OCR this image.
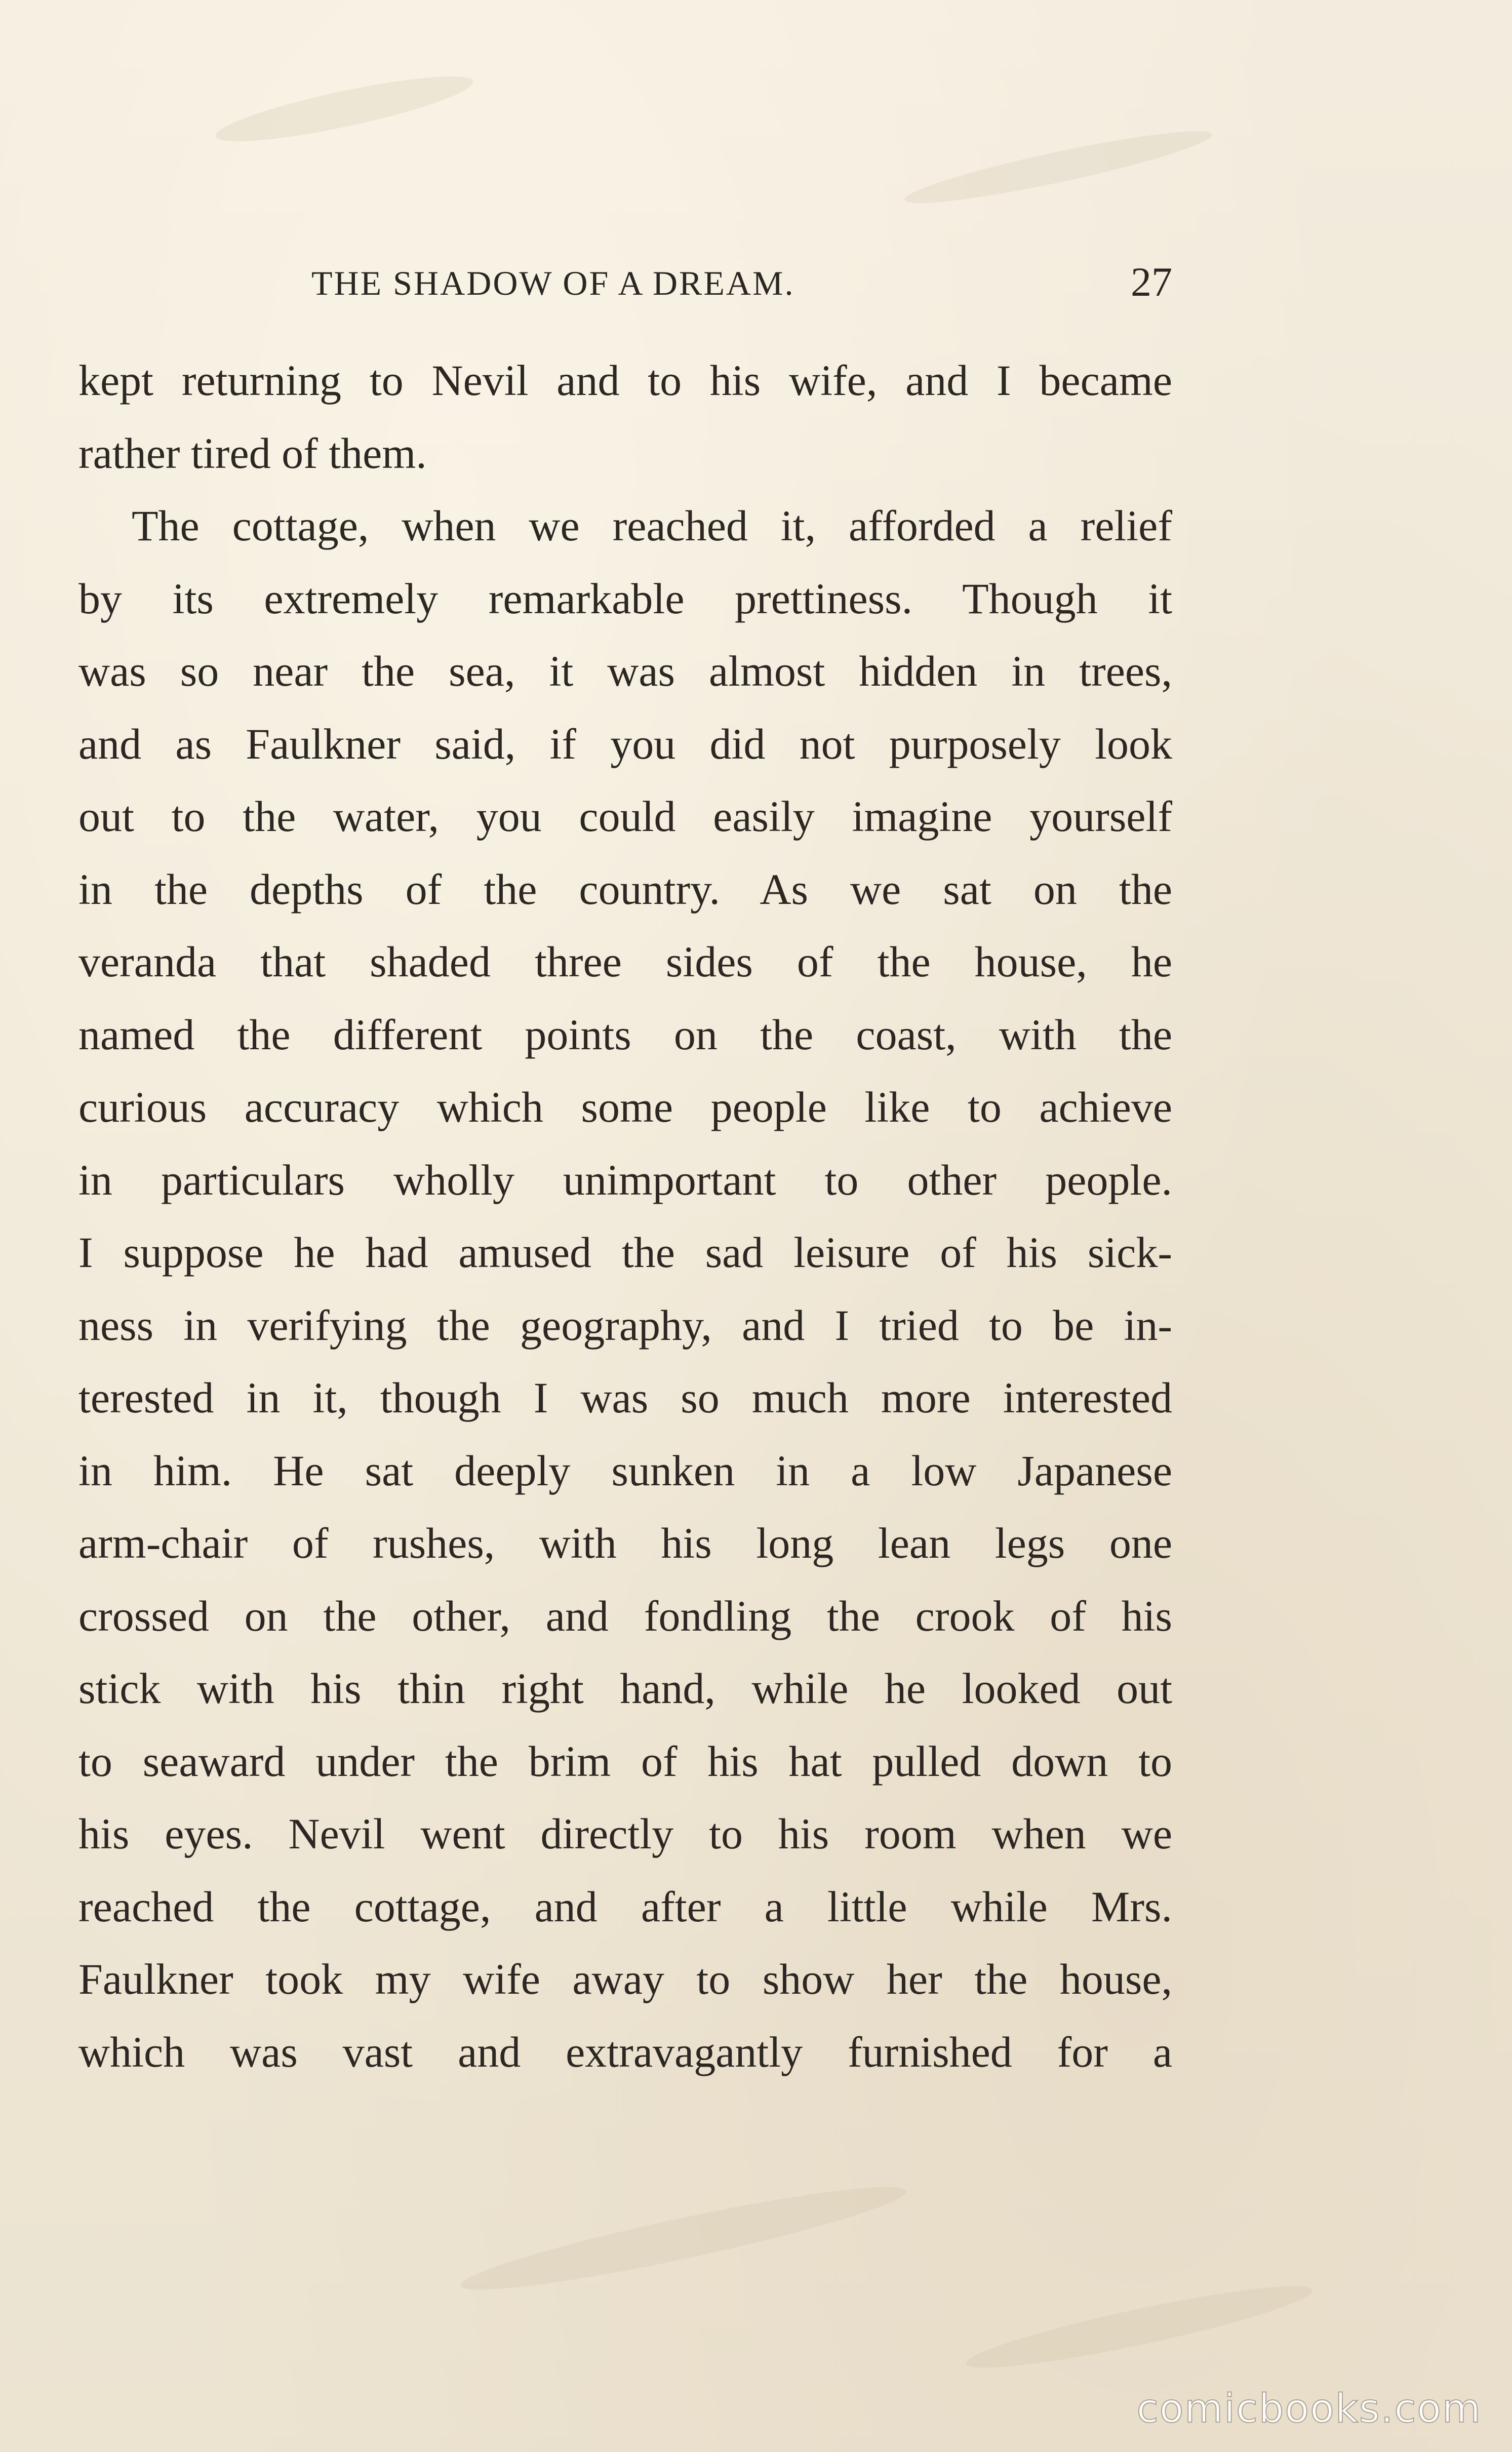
THE SHADOW OF A DREAM.	27
kept returning to Nevil and to his wife, and I became
rather tired of them.
The cottage, when we reached it, afforded a relief
by its extremely remarkable prettiness. Though it
was so near the sea, it was almost hidden in trees,
and as Faulkner said, if you did not purposely look
out to the water, you could easily imagine yourself
in the depths of the country. As we sat on the
veranda that shaded three sides of the house, he
named the different points on the coast, with the
curious accuracy which some people like to achieve
in particulars wholly unimportant to other people.
I suppose he had amused the sad leisure of his sick-
ness in verifying the geography, and I tried to be in-
terested in it, though I was so much more interested
in him. He sat deeply sunken in a low Japanese
arm-chair of rushes, with his long lean legs one
crossed on the other, and fondling the crook of his
stick with his thin right hand, while he looked out
to seaward under the brim of his hat pulled down to
his eyes. Nevil went directly to his room when we
reached the cottage, and after a little while Mrs.
Faulkner took my wife away to show her the house,
which was vast and extravagantly furnished for a
comicbooks.com
